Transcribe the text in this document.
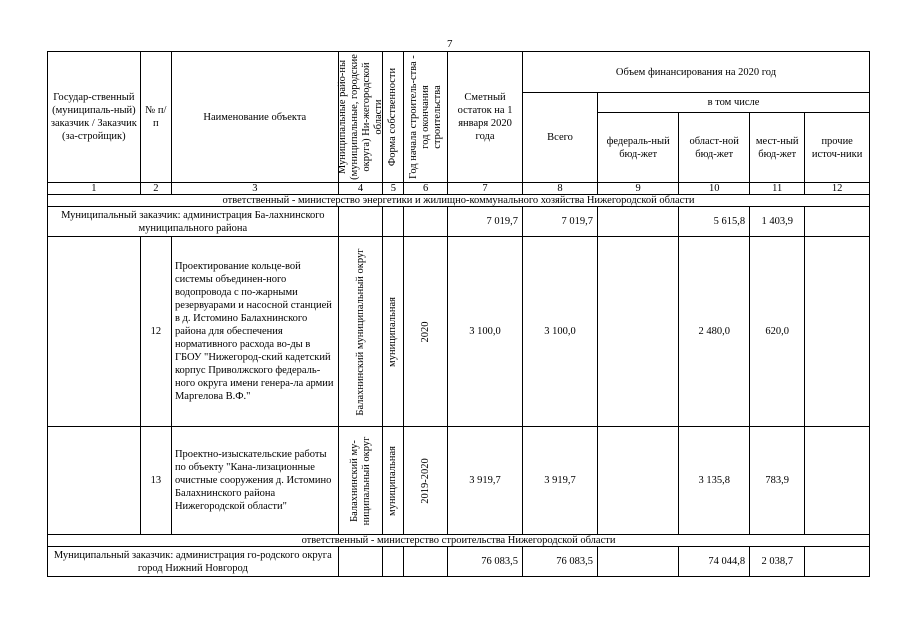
7
Государ-ственный (муниципаль-ный) заказчик / Заказчик (за-стройщик)	№ п/п	Наименование объекта	Муниципальные райо-ны (муниципальные, городские округа) Ни-жегородской области	Форма собственности	Год начала строитель-ства - год окончания строительства	Сметный остаток на 1 января 2020 года	Объем финансирования на 2020 год				
							Всего	в том числе			
								федераль-ный бюд-жет	област-ной бюд-жет	мест-ный бюд-жет	прочие источ-ники
1	2	3	4	5	6	7	8	9	10	11	12
ответственный - министерство энергетики и жилищно-коммунального хозяйства Нижегородской области											
Муниципальный заказчик: администрация Ба-лахнинского муниципального района						7 019,7	7 019,7		5 615,8	1 403,9	
	12	Проектирование кольце-вой системы объединен-ного водопровода с по-жарными резервуарами и насосной станцией в д. Истомино Балахнинского района для обеспечения нормативного расхода во-ды в ГБОУ "Нижегород-ский кадетский корпус Приволжского федераль-ного округа имени генера-ла армии Маргелова В.Ф."	Балахнинский муниципальный округ	муниципальная	2020	3 100,0	3 100,0		2 480,0	620,0	
	13	Проектно-изыскательские работы по объекту "Кана-лизационные очистные сооружения д. Истомино Балахнинского района Нижегородской области"	Балахнинский му-ниципальный округ	муниципальная	2019-2020	3 919,7	3 919,7		3 135,8	783,9	
ответственный - министерство строительства Нижегородской области											
Муниципальный заказчик: администрация го-родского округа город Нижний Новгород						76 083,5	76 083,5		74 044,8	2 038,7	
